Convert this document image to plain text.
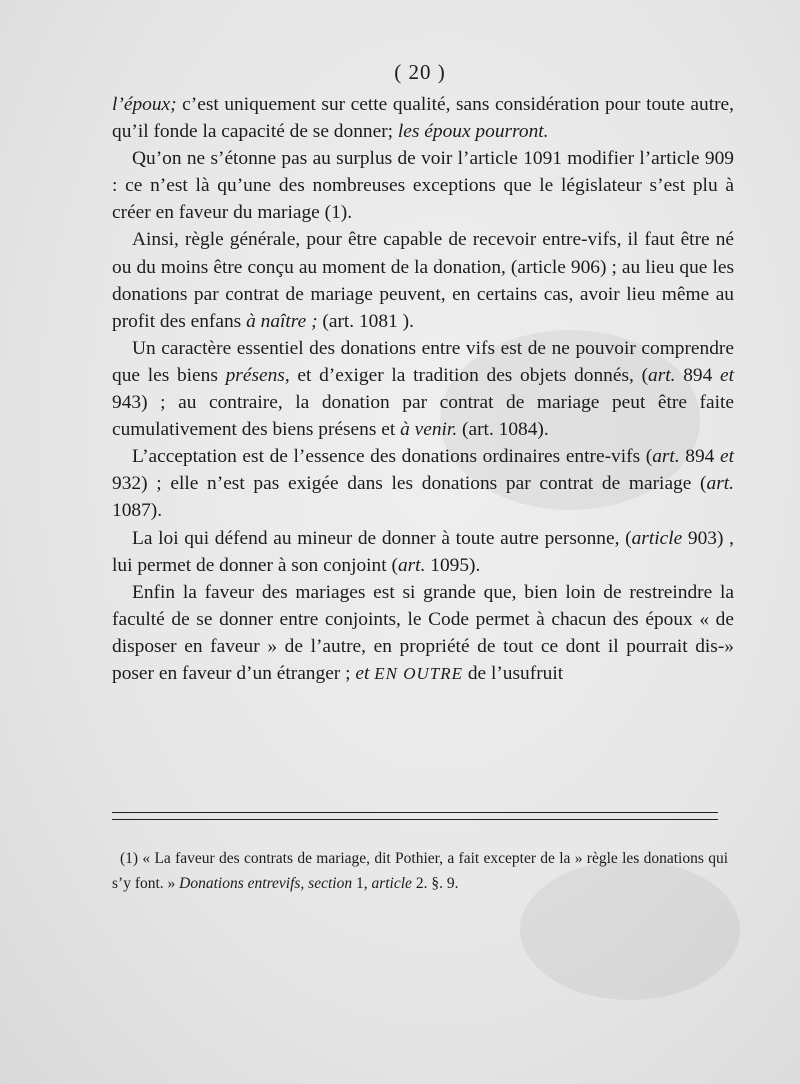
( 20 )

l’époux; c’est uniquement sur cette qualité, sans considération pour toute autre, qu’il fonde la capacité de se donner; les époux pourront.

Qu’on ne s’étonne pas au surplus de voir l’article 1091 modifier l’article 909 : ce n’est là qu’une des nombreuses exceptions que le législateur s’est plu à créer en faveur du mariage (1).

Ainsi, règle générale, pour être capable de recevoir entre-vifs, il faut être né ou du moins être conçu au moment de la donation, (article 906) ; au lieu que les donations par contrat de mariage peuvent, en certains cas, avoir lieu même au profit des enfans à naître ; (art. 1081 ).

Un caractère essentiel des donations entre vifs est de ne pouvoir comprendre que les biens présens, et d’exiger la tradition des objets donnés, (art. 894 et 943) ; au contraire, la donation par contrat de mariage peut être faite cumulativement des biens présens et à venir. (art. 1084).

L’acceptation est de l’essence des donations ordinaires entre-vifs (art. 894 et 932) ; elle n’est pas exigée dans les donations par contrat de mariage (art. 1087).

La loi qui défend au mineur de donner à toute autre personne, (article 903) , lui permet de donner à son conjoint (art. 1095).

Enfin la faveur des mariages est si grande que, bien loin de restreindre la faculté de se donner entre conjoints, le Code permet à chacun des époux « de disposer en faveur » de l’autre, en propriété de tout ce dont il pourrait dis-» poser en faveur d’un étranger ; et EN OUTRE de l’usufruit

(1) « La faveur des contrats de mariage, dit Pothier, a fait excepter de la » règle les donations qui s’y font. » Donations entrevifs, section 1, article 2. §. 9.
